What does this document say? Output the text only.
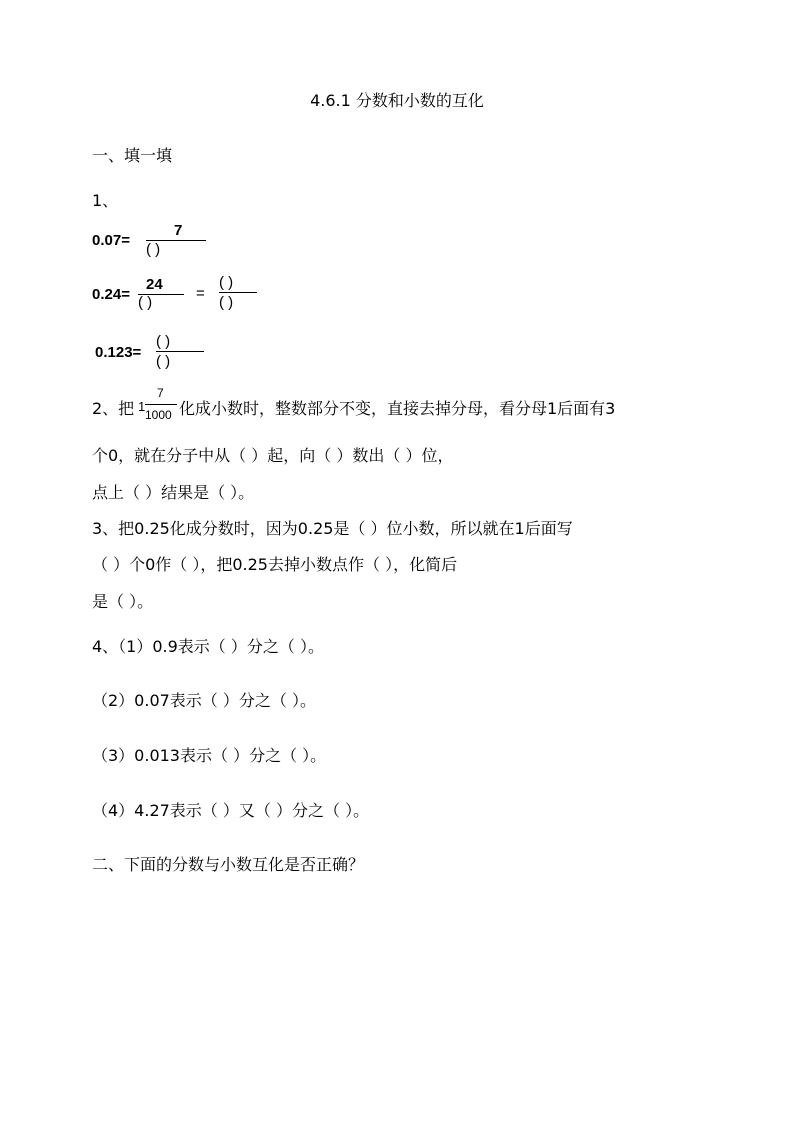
4.6.1 分数和小数的互化
一、填一填
1、
0.07=
7
( )
0.24=
24
( )
=
( )
( )
0.123=
( )
( )
2、把 1
7
1000 化成小数时，整数部分不变，直接去掉分母，看分母1后面有3
个0，就在分子中从（ ）起，向（ ）数出（ ）位，
点上（ ）结果是（ ）。
3、把0.25化成分数时，因为0.25是（ ）位小数，所以就在1后面写
（ ）个0作（ ），把0.25去掉小数点作（ ），化简后
是（ ）。
4、（1）0.9表示（ ）分之（ ）。
（2）0.07表示（ ）分之（ ）。
（3）0.013表示（ ）分之（ ）。
（4）4.27表示（ ）又（ ）分之（ ）。
二、下面的分数与小数互化是否正确？
